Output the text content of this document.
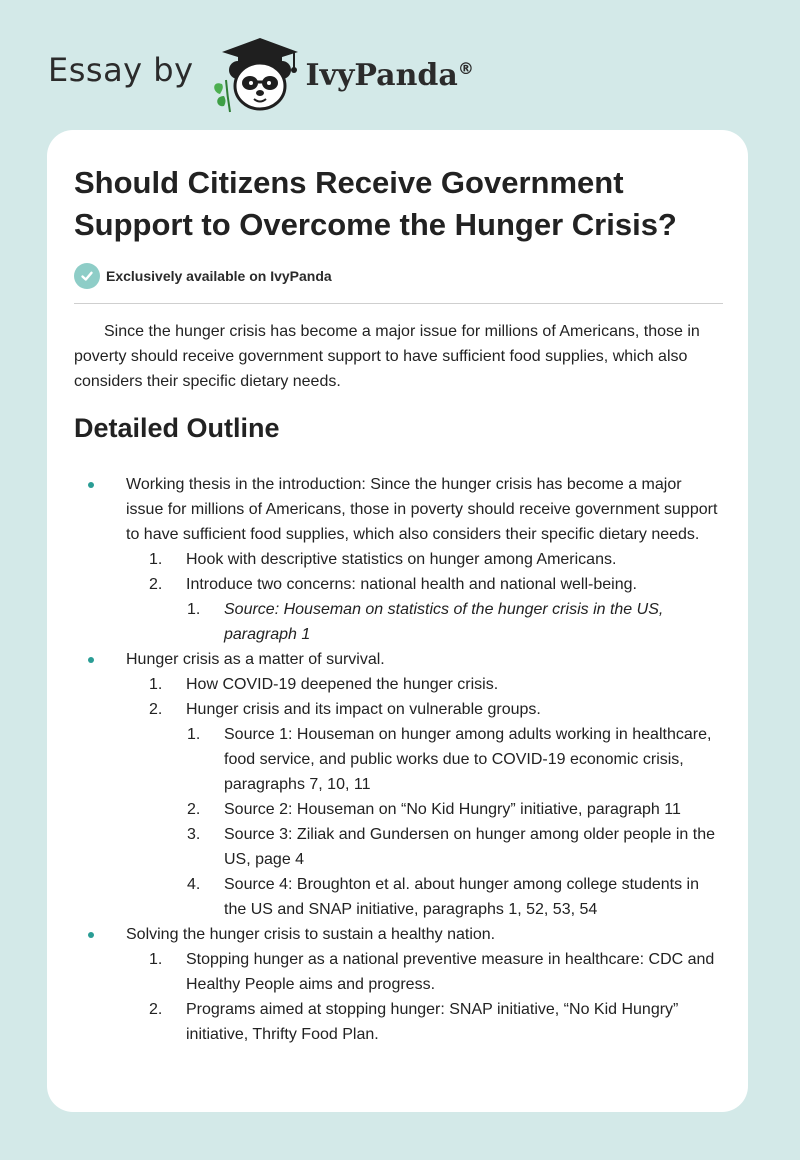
Essay by	IvyPanda®
Should Citizens Receive Government Support to Overcome the Hunger Crisis?
Exclusively available on IvyPanda

Since the hunger crisis has become a major issue for millions of Americans, those in poverty should receive government support to have sufficient food supplies, which also considers their specific dietary needs.

Detailed Outline
Working thesis in the introduction: Since the hunger crisis has become a major issue for millions of Americans, those in poverty should receive government support to have sufficient food supplies, which also considers their specific dietary needs.
1. Hook with descriptive statistics on hunger among Americans.
2. Introduce two concerns: national health and national well-being.
1. Source: Houseman on statistics of the hunger crisis in the US, paragraph 1
Hunger crisis as a matter of survival.
1. How COVID-19 deepened the hunger crisis.
2. Hunger crisis and its impact on vulnerable groups.
1. Source 1: Houseman on hunger among adults working in healthcare, food service, and public works due to COVID-19 economic crisis, paragraphs 7, 10, 11
2. Source 2: Houseman on “No Kid Hungry” initiative, paragraph 11
3. Source 3: Ziliak and Gundersen on hunger among older people in the US, page 4
4. Source 4: Broughton et al. about hunger among college students in the US and SNAP initiative, paragraphs 1, 52, 53, 54
Solving the hunger crisis to sustain a healthy nation.
1. Stopping hunger as a national preventive measure in healthcare: CDC and Healthy People aims and progress.
2. Programs aimed at stopping hunger: SNAP initiative, “No Kid Hungry” initiative, Thrifty Food Plan.
